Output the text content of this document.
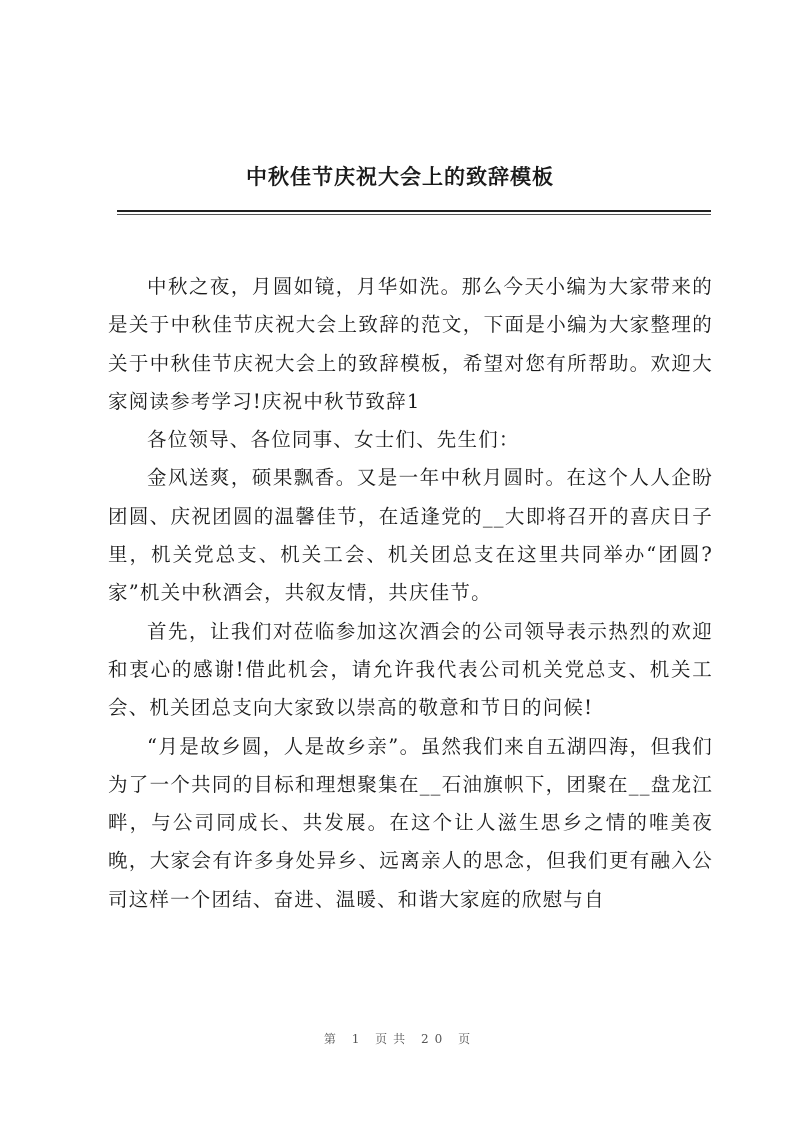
中秋佳节庆祝大会上的致辞模板

中秋之夜，月圆如镜，月华如洗。那么今天小编为大家带来的是关于中秋佳节庆祝大会上致辞的范文，下面是小编为大家整理的关于中秋佳节庆祝大会上的致辞模板，希望对您有所帮助。欢迎大家阅读参考学习!庆祝中秋节致辞1

各位领导、各位同事、女士们、先生们：

金风送爽，硕果飘香。又是一年中秋月圆时。在这个人人企盼团圆、庆祝团圆的温馨佳节，在适逢党的__大即将召开的喜庆日子里，机关党总支、机关工会、机关团总支在这里共同举办“团圆?家”机关中秋酒会，共叙友情，共庆佳节。

首先，让我们对莅临参加这次酒会的公司领导表示热烈的欢迎和衷心的感谢!借此机会，请允许我代表公司机关党总支、机关工会、机关团总支向大家致以崇高的敬意和节日的问候!

“月是故乡圆，人是故乡亲”。虽然我们来自五湖四海，但我们为了一个共同的目标和理想聚集在__石油旗帜下，团聚在__盘龙江畔，与公司同成长、共发展。在这个让人滋生思乡之情的唯美夜晚，大家会有许多身处异乡、远离亲人的思念，但我们更有融入公司这样一个团结、奋进、温暖、和谐大家庭的欣慰与自

第 1 页共 20 页
